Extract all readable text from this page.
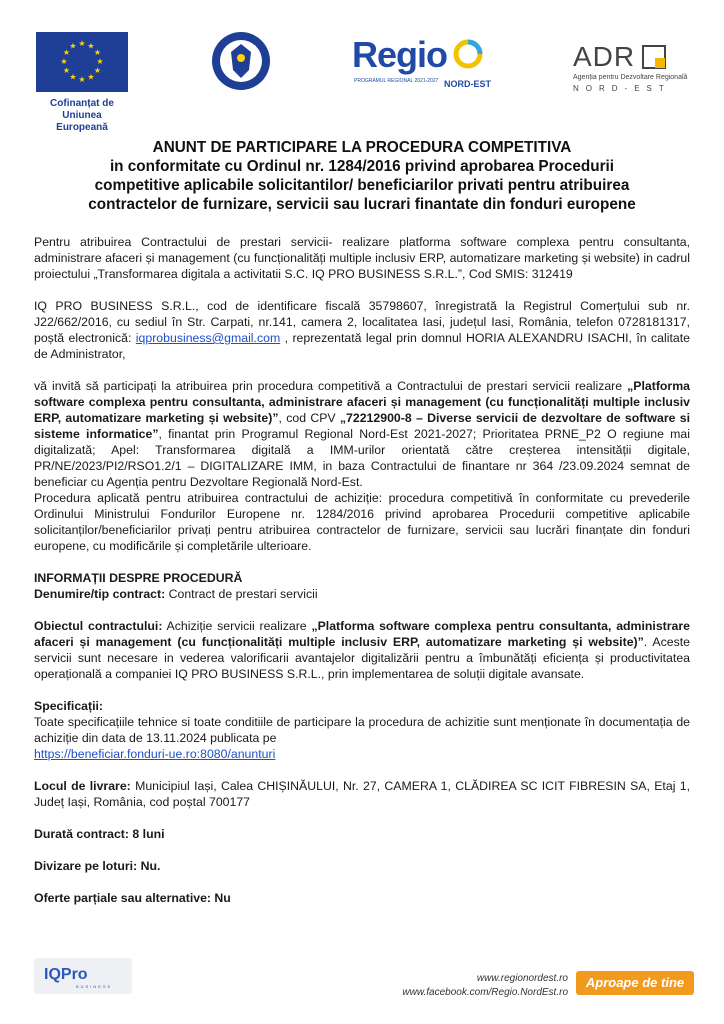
★ ★
★
★
★
★
★
★
★
★
★
★
Cofinanțat de
Uniunea Europeană
Regio
PROGRAMUL REGIONAL 2021-2027 NORD-EST
ADR
Agenția pentru Dezvoltare Regională
NORD-EST
ANUNT DE PARTICIPARE LA PROCEDURA COMPETITIVA
in conformitate cu Ordinul nr. 1284/2016 privind aprobarea Procedurii
competitive aplicabile solicitantilor/ beneficiarilor privati pentru atribuirea
contractelor de furnizare, servicii sau lucrari finantate din fonduri europene

Pentru atribuirea Contractului de prestari servicii- realizare platforma software complexa pentru consultanta, administrare afaceri și management (cu funcționalități multiple inclusiv ERP, automatizare marketing și website) in cadrul proiectului „Transformarea digitala a activitatii S.C. IQ PRO BUSINESS S.R.L.”, Cod SMIS: 312419

IQ PRO BUSINESS S.R.L., cod de identificare fiscală 35798607, înregistrată la Registrul Comerțului sub nr. J22/662/2016, cu sediul în Str. Carpati, nr.141, camera 2, localitatea Iasi, județul Iasi, România, telefon 0728181317, poștă electronică: iqprobusiness@gmail.com , reprezentată legal prin domnul HORIA ALEXANDRU ISACHI, în calitate de Administrator,

vă invită să participați la atribuirea prin procedura competitivă a Contractului de prestari servicii realizare „Platforma software complexa pentru consultanta, administrare afaceri și management (cu funcționalități multiple inclusiv ERP, automatizare marketing și website)”, cod CPV „72212900-8 – Diverse servicii de dezvoltare de software si sisteme informatice”, finantat prin Programul Regional Nord-Est 2021-2027; Prioritatea PRNE_P2 O regiune mai digitalizată; Apel: Transformarea digitală a IMM-urilor orientată către creșterea intensității digitale, PR/NE/2023/PI2/RSO1.2/1 – DIGITALIZARE IMM, in baza Contractului de finantare nr 364 /23.09.2024 semnat de beneficiar cu Agenția pentru Dezvoltare Regională Nord-Est.

Procedura aplicată pentru atribuirea contractului de achiziție: procedura competitivă în conformitate cu prevederile Ordinului Ministrului Fondurilor Europene nr. 1284/2016 privind aprobarea Procedurii competitive aplicabile solicitanților/beneficiarilor privați pentru atribuirea contractelor de furnizare, servicii sau lucrări finanțate din fonduri europene, cu modificările și completările ulterioare.

INFORMAȚII DESPRE PROCEDURĂ

Denumire/tip contract: Contract de prestari servicii

Obiectul contractului: Achiziție servicii realizare „Platforma software complexa pentru consultanta, administrare afaceri și management (cu funcționalități multiple inclusiv ERP, automatizare marketing și website)”. Aceste servicii sunt necesare in vederea valorificarii avantajelor digitalizării pentru a îmbunătăți eficiența și productivitatea operațională a companiei IQ PRO BUSINESS S.R.L., prin implementarea de soluții digitale avansate.

Specificații:

Toate specificațiile tehnice si toate conditiile de participare la procedura de achizitie sunt menționate în documentația de achiziție din data de 13.11.2024 publicata pe

https://beneficiar.fonduri-ue.ro:8080/anunturi

Locul de livrare: Municipiul Iași, Calea CHIȘINĂULUI, Nr. 27, CAMERA 1, CLĂDIREA SC ICIT FIBRESIN SA, Etaj 1, Județ Iași, România, cod poștal 700177

Durată contract: 8 luni

Divizare pe loturi: Nu.

Oferte parțiale sau alternative: Nu

IQPro
BUSINESS
www.regionordest.ro
www.facebook.com/Regio.NordEst.ro
Aproape de tine
